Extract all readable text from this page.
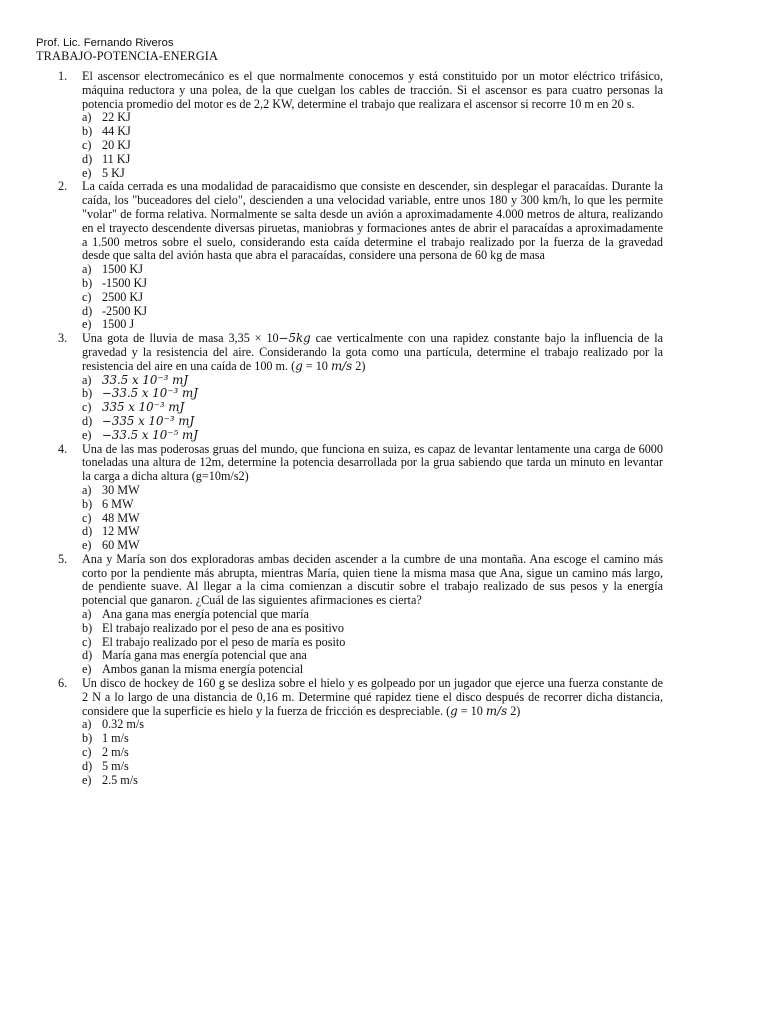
Prof. Lic. Fernando Riveros
TRABAJO-POTENCIA-ENERGIA
1. El ascensor electromecánico es el que normalmente conocemos y está constituido por un motor eléctrico trifásico, máquina reductora y una polea, de la que cuelgan los cables de tracción. Si el ascensor es para cuatro personas la potencia promedio del motor es de 2,2 KW, determine el trabajo que realizara el ascensor si recorre 10 m en 20 s.
a) 22 KJ
b) 44 KJ
c) 20 KJ
d) 11 KJ
e) 5 KJ
2. La caída cerrada es una modalidad de paracaidismo que consiste en descender, sin desplegar el paracaídas. Durante la caída, los "buceadores del cielo", descienden a una velocidad variable, entre unos 180 y 300 km/h, lo que les permite "volar" de forma relativa. Normalmente se salta desde un avión a aproximadamente 4.000 metros de altura, realizando en el trayecto descendente diversas piruetas, maniobras y formaciones antes de abrir el paracaídas a aproximadamente a 1.500 metros sobre el suelo, considerando esta caída determine el trabajo realizado por la fuerza de la gravedad desde que salta del avión hasta que abra el paracaídas, considere una persona de 60 kg de masa
a) 1500 KJ
b) -1500 KJ
c) 2500 KJ
d) -2500 KJ
e) 1500 J
3. Una gota de lluvia de masa 3,35 × 10−5kg cae verticalmente con una rapidez constante bajo la influencia de la gravedad y la resistencia del aire. Considerando la gota como una partícula, determine el trabajo realizado por la resistencia del aire en una caída de 100 m. (g = 10 m/s 2)
a) 33.5 x 10⁻³ mJ
b) −33.5 x 10⁻³ mJ
c) 335 x 10⁻³ mJ
d) −335 x 10⁻³ mJ
e) −33.5 x 10⁻⁵ mJ
4. Una de las mas poderosas gruas del mundo, que funciona en suiza, es capaz de levantar lentamente una carga de 6000 toneladas una altura de 12m, determine la potencia desarrollada por la grua sabiendo que tarda un minuto en levantar la carga a dicha altura (g=10m/s2)
a) 30 MW
b) 6 MW
c) 48 MW
d) 12 MW
e) 60 MW
5. Ana y María son dos exploradoras ambas deciden ascender a la cumbre de una montaña. Ana escoge el camino más corto por la pendiente más abrupta, mientras María, quien tiene la misma masa que Ana, sigue un camino más largo, de pendiente suave. Al llegar a la cima comienzan a discutir sobre el trabajo realizado de sus pesos y la energía potencial que ganaron. ¿Cuál de las siguientes afirmaciones es cierta?
a) Ana gana mas energía potencial que maría
b) El trabajo realizado por el peso de ana es positivo
c) El trabajo realizado por el peso de maría es posito
d) María gana mas energía potencial que ana
e) Ambos ganan la misma energía potencial
6. Un disco de hockey de 160 g se desliza sobre el hielo y es golpeado por un jugador que ejerce una fuerza constante de 2 N a lo largo de una distancia de 0,16 m. Determine qué rapidez tiene el disco después de recorrer dicha distancia, considere que la superficie es hielo y la fuerza de fricción es despreciable. (g = 10 m/s 2)
a) 0.32 m/s
b) 1 m/s
c) 2 m/s
d) 5 m/s
e) 2.5 m/s
